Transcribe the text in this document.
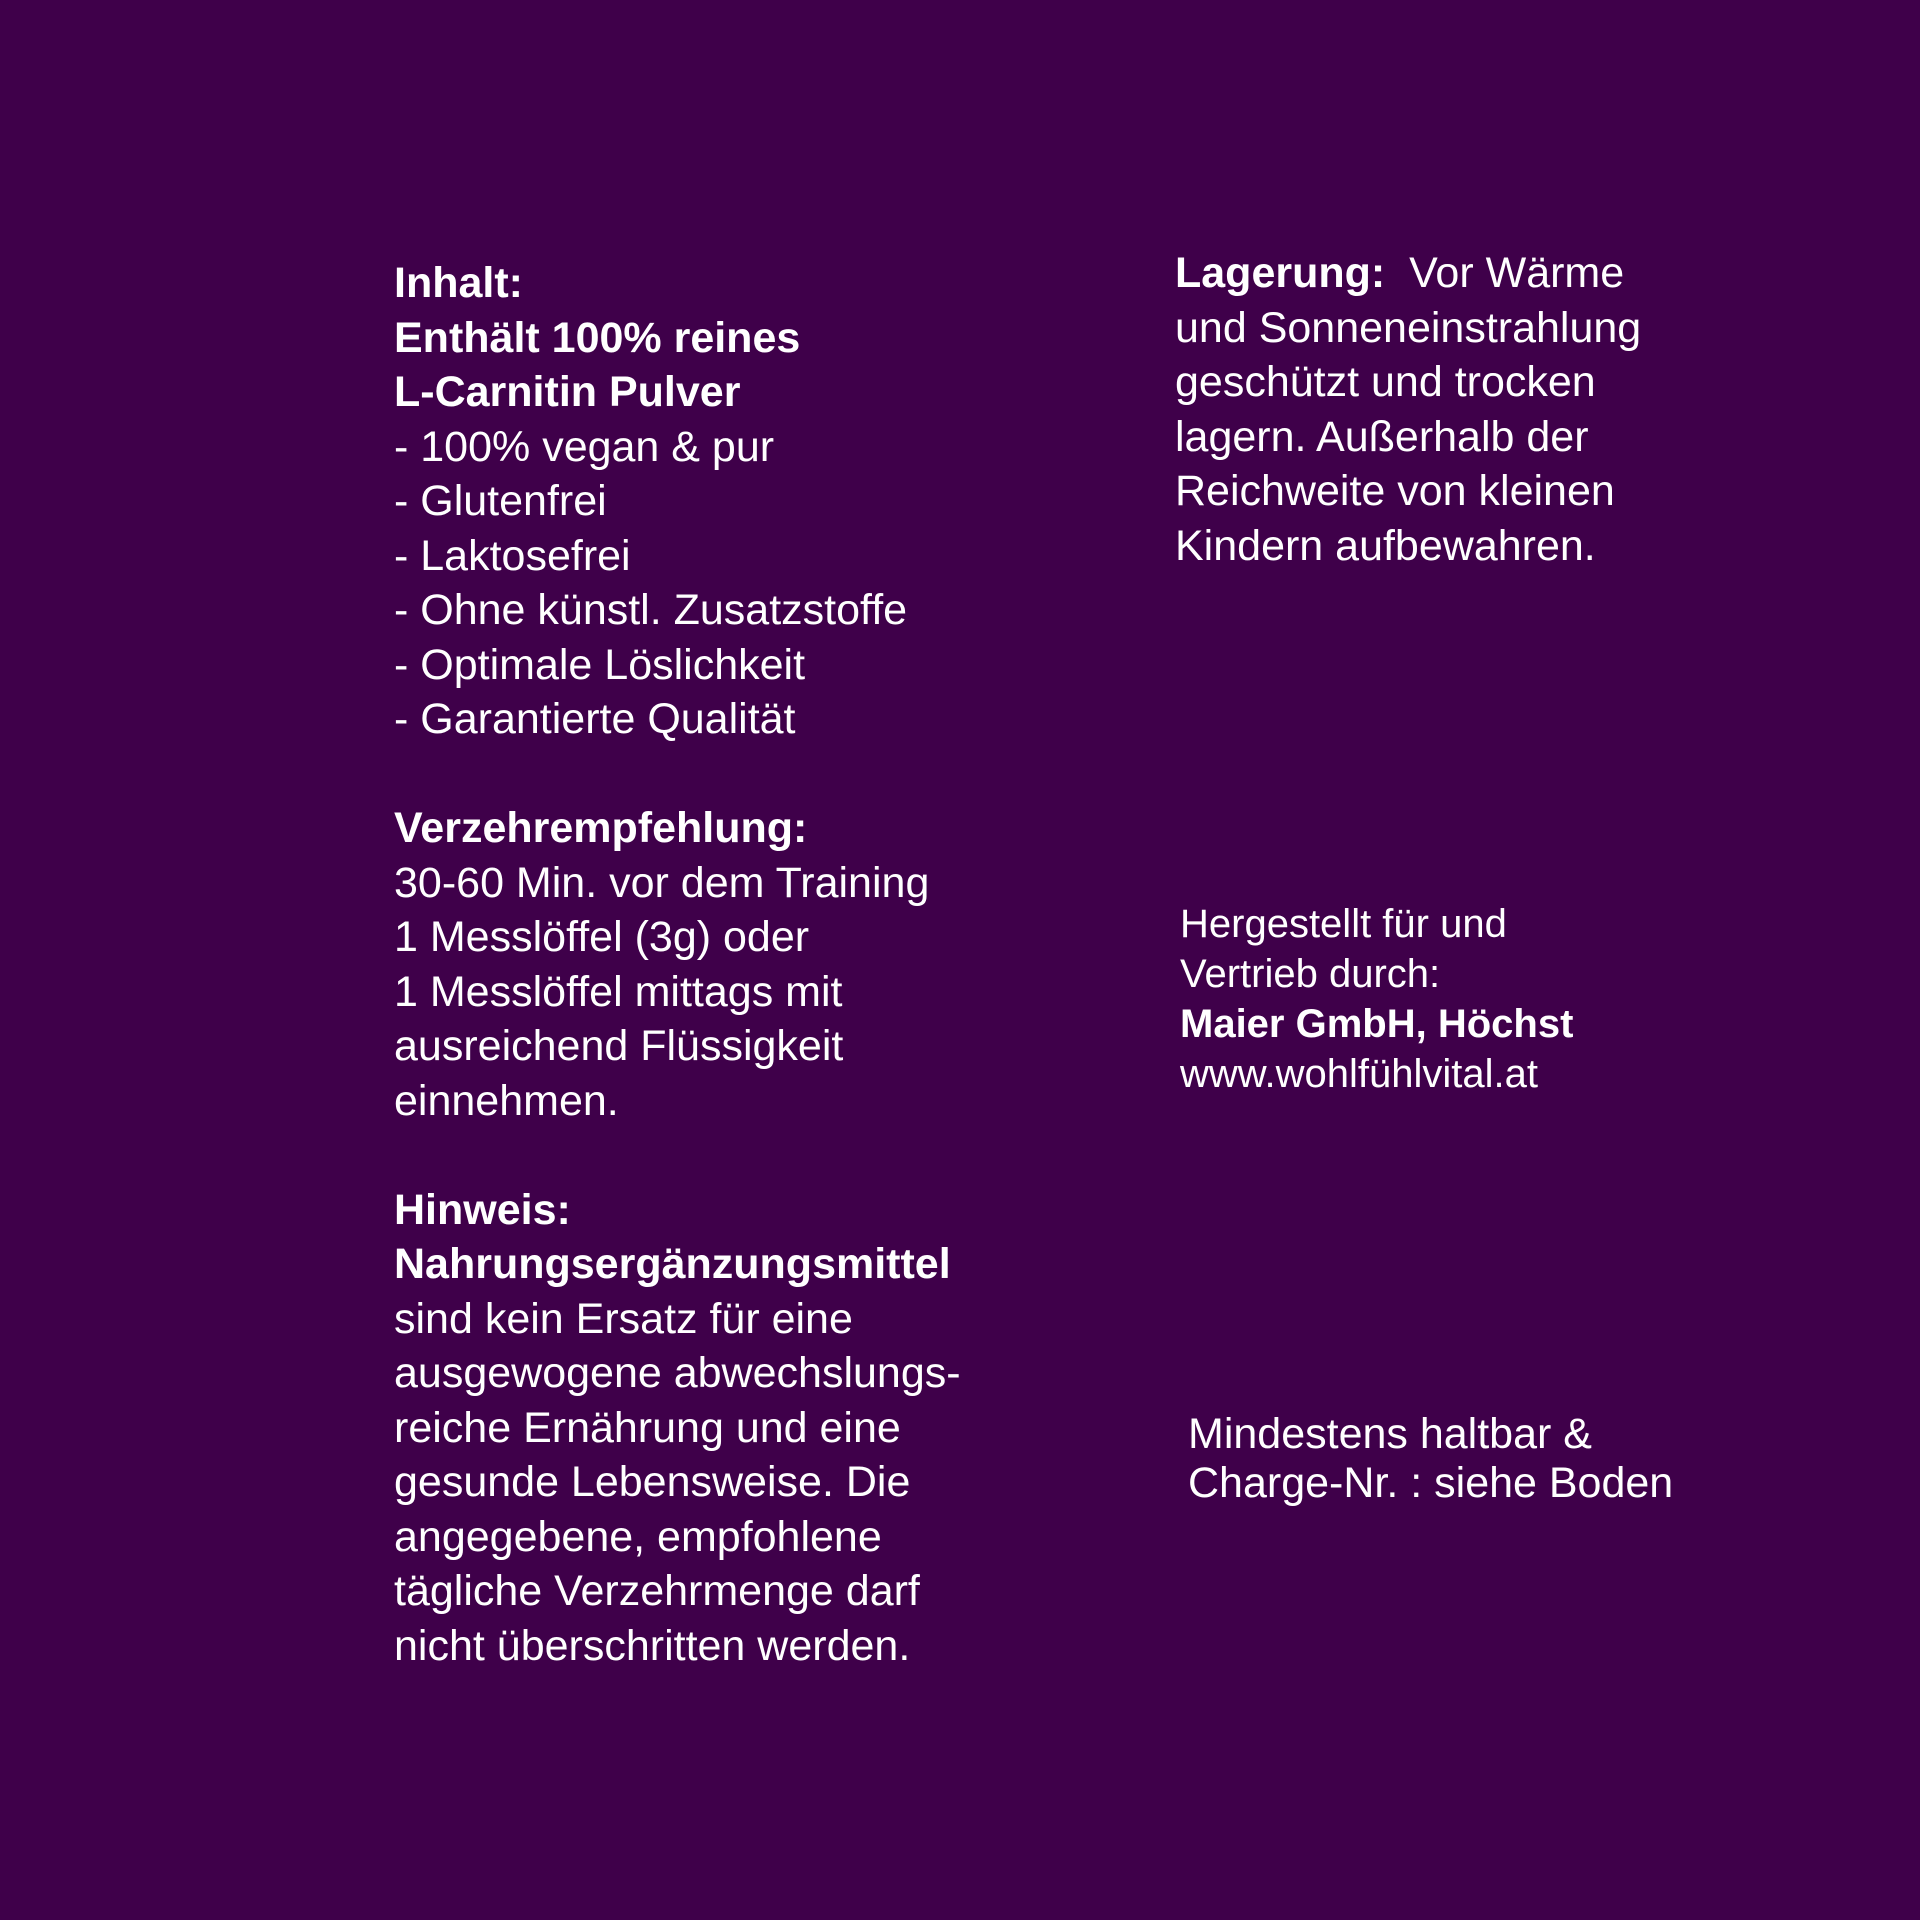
Inhalt:
Enthält 100% reines
L-Carnitin Pulver
- 100% vegan & pur
- Glutenfrei
- Laktosefrei
- Ohne künstl. Zusatzstoffe
- Optimale Löslichkeit
- Garantierte Qualität
Verzehrempfehlung:
30-60 Min. vor dem Training
1 Messlöffel (3g) oder
1 Messlöffel mittags mit
ausreichend Flüssigkeit
einnehmen.
Hinweis:
Nahrungsergänzungsmittel
sind kein Ersatz für eine
ausgewogene abwechslungs-
reiche Ernährung und eine
gesunde Lebensweise. Die
angegebene, empfohlene
tägliche Verzehrmenge darf
nicht überschritten werden.
Lagerung: Vor Wärme
und Sonneneinstrahlung
geschützt und trocken
lagern. Außerhalb der
Reichweite von kleinen
Kindern aufbewahren.
Hergestellt für und
Vertrieb durch:
Maier GmbH, Höchst
www.wohlfühlvital.at
Mindestens haltbar &
Charge-Nr. : siehe Boden
